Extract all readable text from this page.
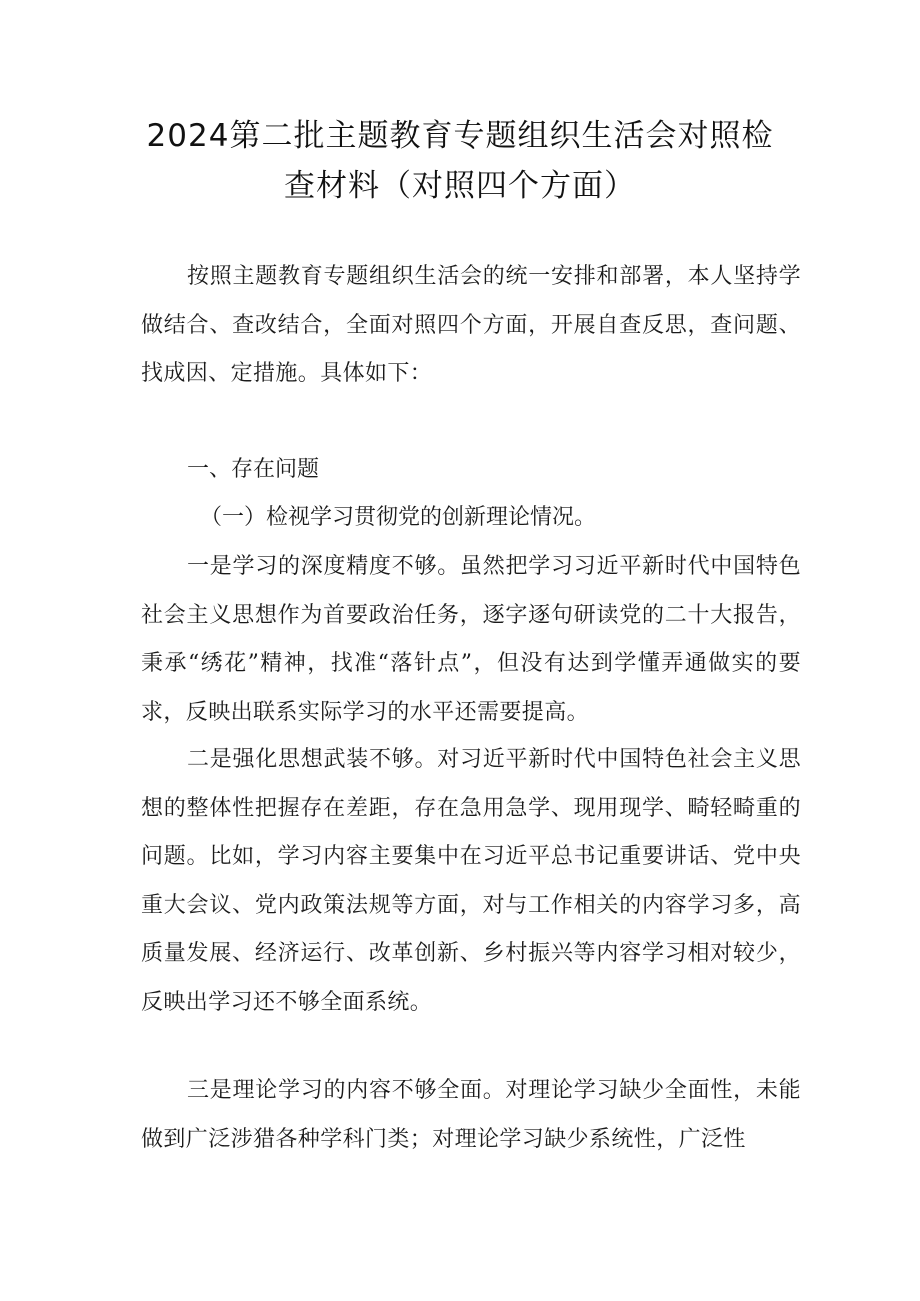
2024第二批主题教育专题组织生活会对照检
查材料（对照四个方面）

按照主题教育专题组织生活会的统一安排和部署，本人坚持学做结合、查改结合，全面对照四个方面，开展自查反思，查问题、找成因、定措施。具体如下：

一、存在问题

（一）检视学习贯彻党的创新理论情况。

一是学习的深度精度不够。虽然把学习习近平新时代中国特色社会主义思想作为首要政治任务，逐字逐句研读党的二十大报告，秉承“绣花”精神，找准“落针点”，但没有达到学懂弄通做实的要求，反映出联系实际学习的水平还需要提高。

二是强化思想武装不够。对习近平新时代中国特色社会主义思想的整体性把握存在差距，存在急用急学、现用现学、畸轻畸重的问题。比如，学习内容主要集中在习近平总书记重要讲话、党中央重大会议、党内政策法规等方面，对与工作相关的内容学习多，高质量发展、经济运行、改革创新、乡村振兴等内容学习相对较少，反映出学习还不够全面系统。

三是理论学习的内容不够全面。对理论学习缺少全面性，未能做到广泛涉猎各种学科门类；对理论学习缺少系统性，广泛性
